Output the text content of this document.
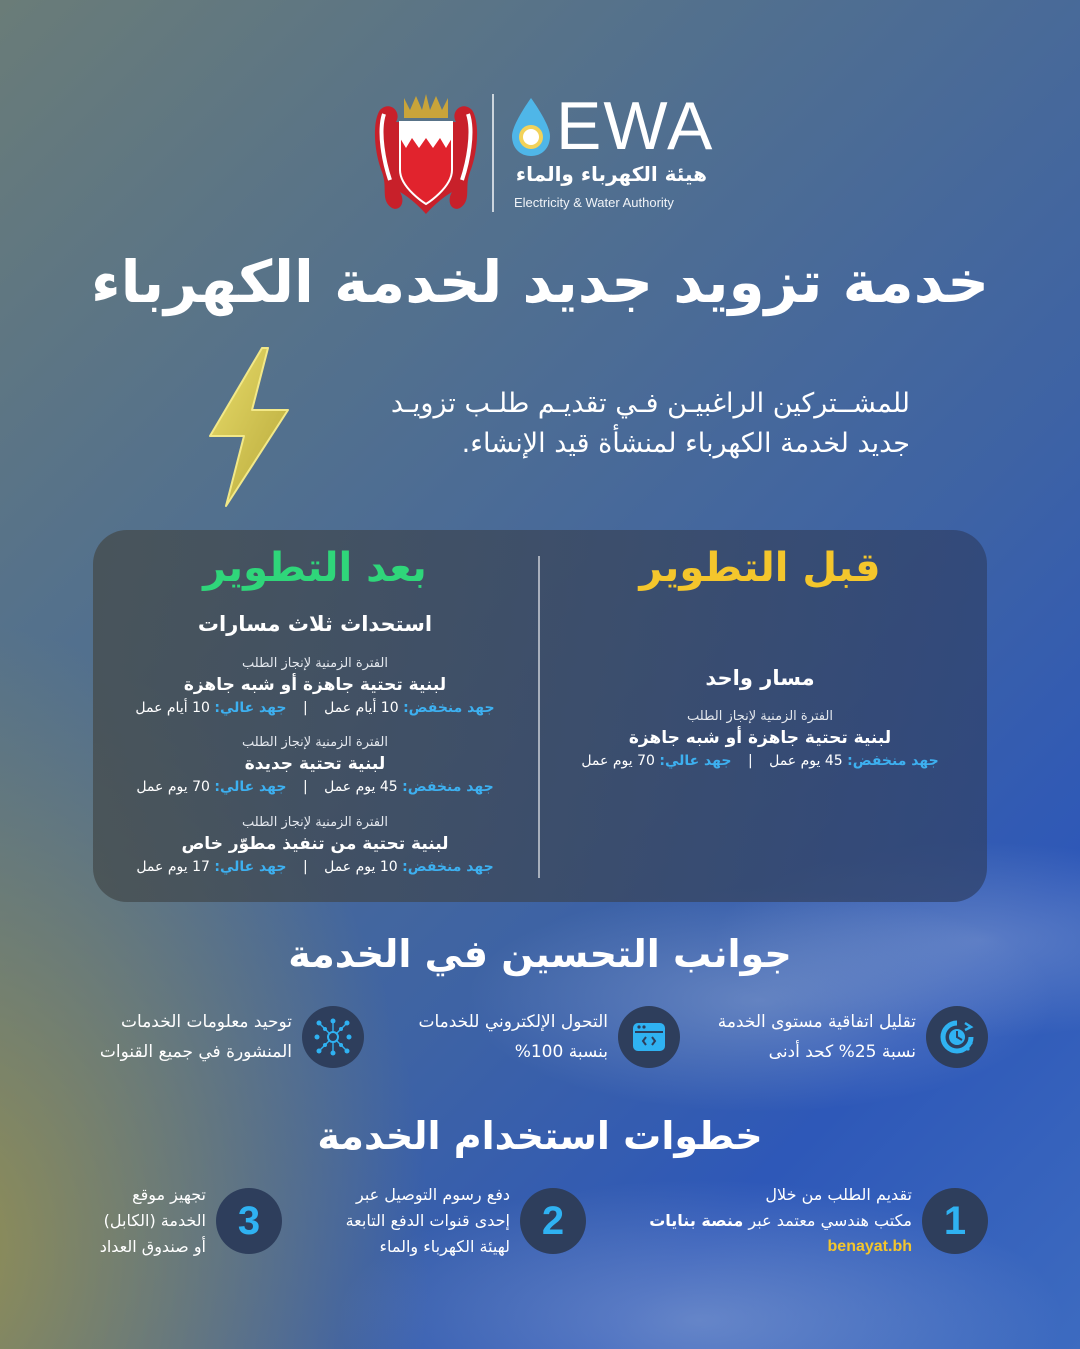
EWA
هيئة الكهرباء والماء
Electricity & Water Authority
خدمة تزويد جديد لخدمة الكهرباء
للمشــتركين الراغبيـن فـي تقديـم طلـب تزويـد
جديد لخدمة الكهرباء لمنشأة قيد الإنشاء.
قبل التطوير
مسار واحد
الفترة الزمنية لإنجاز الطلب
لبنية تحتية جاهزة أو شبه جاهزة
جهد منخفض: 45 يوم عمل | جهد عالي: 70 يوم عمل
بعد التطوير
استحداث ثلاث مسارات
الفترة الزمنية لإنجاز الطلب
لبنية تحتية جاهزة أو شبه جاهزة
جهد منخفض: 10 أيام عمل | جهد عالي: 10 أيام عمل
الفترة الزمنية لإنجاز الطلب
لبنية تحتية جديدة
جهد منخفض: 45 يوم عمل | جهد عالي: 70 يوم عمل
الفترة الزمنية لإنجاز الطلب
لبنية تحتية من تنفيذ مطوّر خاص
جهد منخفض: 10 يوم عمل | جهد عالي: 17 يوم عمل
جوانب التحسين في الخدمة
تقليل اتفاقية مستوى الخدمة
نسبة 25% كحد أدنى
التحول الإلكتروني للخدمات
بنسبة 100%
توحيد معلومات الخدمات
المنشورة في جميع القنوات
خطوات استخدام الخدمة
1
تقديم الطلب من خلال
مكتب هندسي معتمد عبر منصة بنايات
benayat.bh
2
دفع رسوم التوصيل عبر
إحدى قنوات الدفع التابعة
لهيئة الكهرباء والماء
3
تجهيز موقع
الخدمة (الكابل)
أو صندوق العداد
